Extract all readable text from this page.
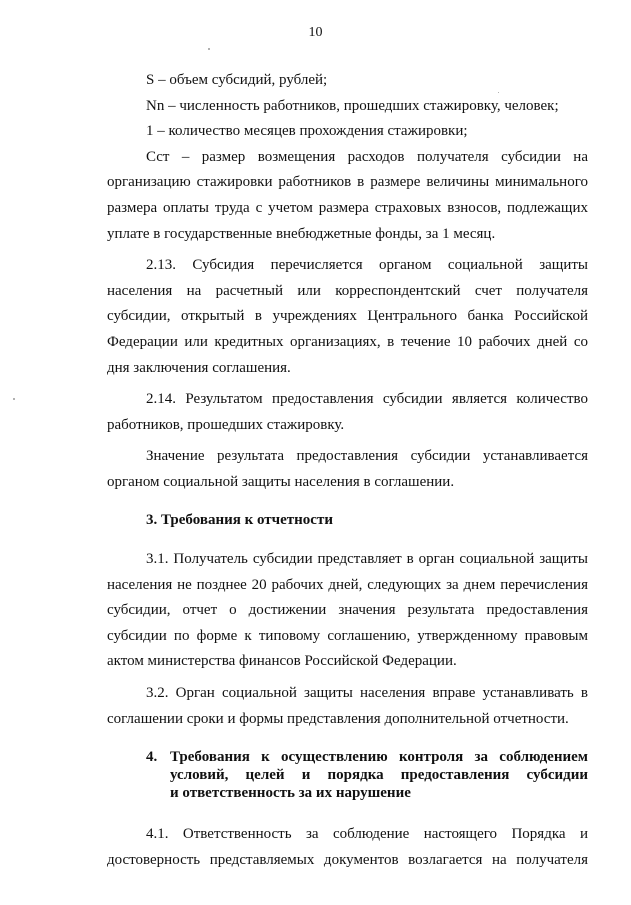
10

S – объем субсидий, рублей;

Nn – численность работников, прошедших стажировку, человек;

1 – количество месяцев прохождения стажировки;

Сст – размер возмещения расходов получателя субсидии на организацию стажировки работников в размере величины минимального размера оплаты труда с учетом размера страховых взносов, подлежащих уплате в государственные внебюджетные фонды, за 1 месяц.

2.13. Субсидия перечисляется органом социальной защиты населения на расчетный или корреспондентский счет получателя субсидии, открытый в учреждениях Центрального банка Российской Федерации или кредитных организациях, в течение 10 рабочих дней со дня заключения соглашения.

2.14. Результатом предоставления субсидии является количество работников, прошедших стажировку.

Значение результата предоставления субсидии устанавливается органом социальной защиты населения в соглашении.

3. Требования к отчетности

3.1. Получатель субсидии представляет в орган социальной защиты населения не позднее 20 рабочих дней, следующих за днем перечисления субсидии, отчет о достижении значения результата предоставления субсидии по форме к типовому соглашению, утвержденному правовым актом министерства финансов Российской Федерации.

3.2. Орган социальной защиты населения вправе устанавливать в соглашении сроки и формы представления дополнительной отчетности.

4. Требования к осуществлению контроля за соблюдением
условий, целей и порядка предоставления субсидии
и ответственность за их нарушение
4.1. Ответственность за соблюдение настоящего Порядка и
достоверность представляемых документов возлагается на получателя
